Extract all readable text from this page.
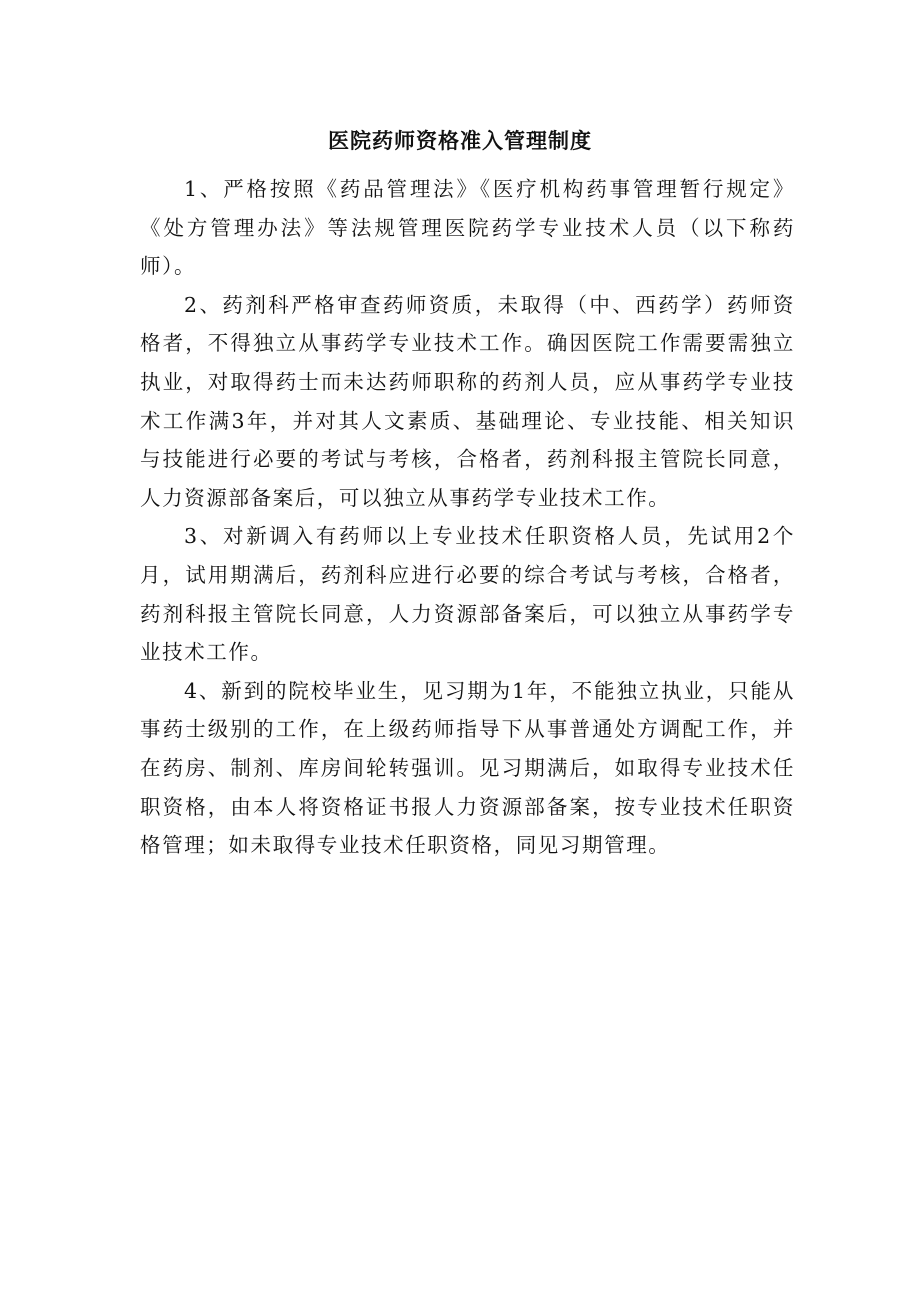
医院药师资格准入管理制度

1、严格按照《药品管理法》《医疗机构药事管理暂行规定》《处方管理办法》等法规管理医院药学专业技术人员（以下称药师）。

2、药剂科严格审查药师资质，未取得（中、西药学）药师资格者，不得独立从事药学专业技术工作。确因医院工作需要需独立执业，对取得药士而未达药师职称的药剂人员，应从事药学专业技术工作满3年，并对其人文素质、基础理论、专业技能、相关知识与技能进行必要的考试与考核，合格者，药剂科报主管院长同意，人力资源部备案后，可以独立从事药学专业技术工作。

3、对新调入有药师以上专业技术任职资格人员，先试用2个月，试用期满后，药剂科应进行必要的综合考试与考核，合格者，药剂科报主管院长同意，人力资源部备案后，可以独立从事药学专业技术工作。

4、新到的院校毕业生，见习期为1年，不能独立执业，只能从事药士级别的工作，在上级药师指导下从事普通处方调配工作，并在药房、制剂、库房间轮转强训。见习期满后，如取得专业技术任职资格，由本人将资格证书报人力资源部备案，按专业技术任职资格管理；如未取得专业技术任职资格，同见习期管理。
